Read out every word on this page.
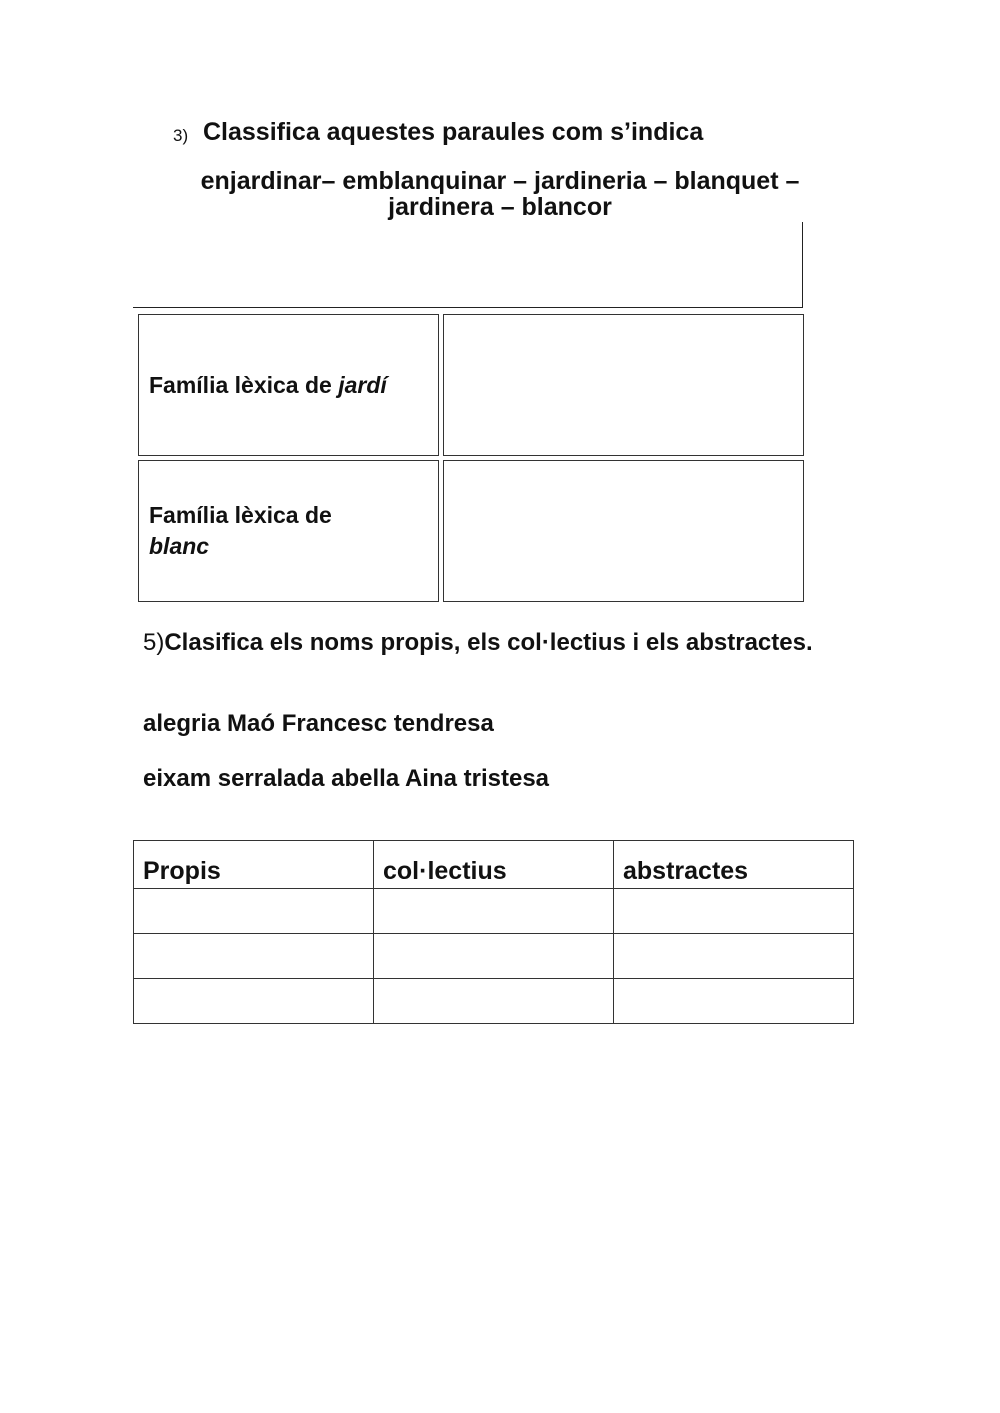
3) Classifica aquestes paraules com s’indica
enjardinar– emblanquinar – jardineria – blanquet –
jardinera – blancor
Família lèxica de jardí
Família lèxica de
blanc
5)Clasifica els noms propis, els col·lectius i els abstractes.
alegria Maó Francesc tendresa
eixam serralada abella Aina tristesa
Propis	col·lectius	abstractes
